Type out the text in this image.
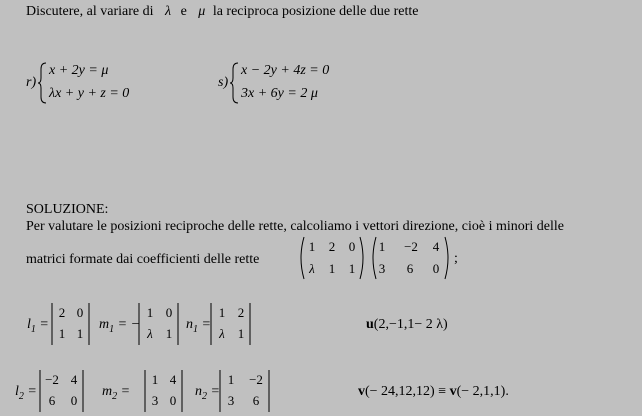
Discutere, al variare di λ e μ la reciproca posizione delle due rette
r)
x + 2y = μ
λx + y + z = 0
s)
x − 2y + 4z = 0
3x + 6y = 2 μ
SOLUZIONE:
Per valutare le posizioni reciproche delle rette, calcoliamo i vettori direzione, cioè i minori delle
matrici formate dai coefficienti delle rette
1	2	0
λ	1	1
1	−2	4
3	6	0
;
$l_1$ =
2 0
1 1
$m_1$ = −
1 0
λ 1
$n_1$ =
1 2
λ 1
u(2,−1,1− 2 λ)
$l_2$ =
−2 4
6	0
$m_2$ =
1 4
3 0
$n_2$ =
1	−2
3	6
v(− 24,12,12) ≡ v(− 2,1,1).
